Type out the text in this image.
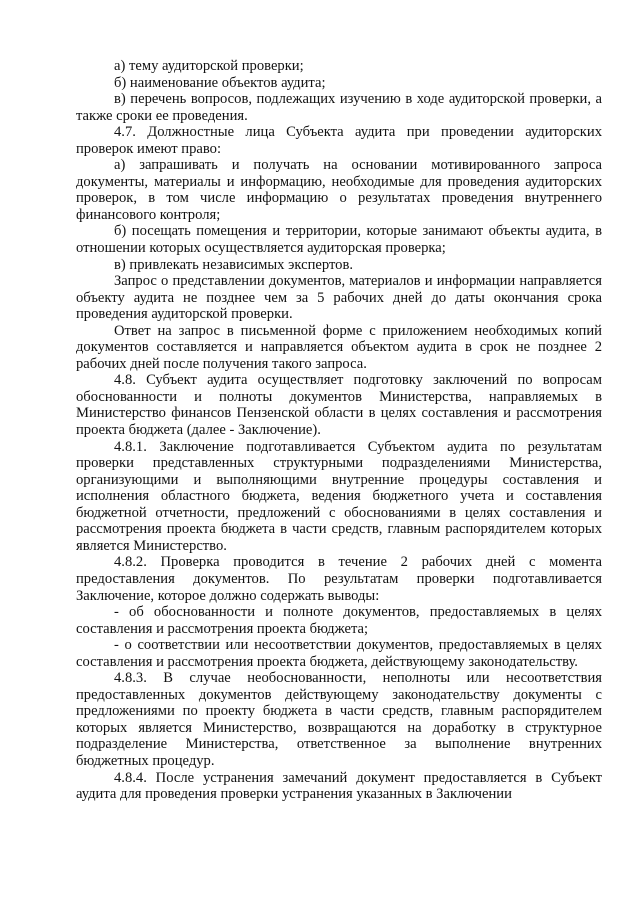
а) тему аудиторской проверки;

б) наименование объектов аудита;

в) перечень вопросов, подлежащих изучению в ходе аудиторской проверки, а также сроки ее проведения.

4.7. Должностные лица Субъекта аудита при проведении аудиторских проверок имеют право:

а) запрашивать и получать на основании мотивированного запроса документы, материалы и информацию, необходимые для проведения аудиторских проверок, в том числе информацию о результатах проведения внутреннего финансового контроля;

б) посещать помещения и территории, которые занимают объекты аудита, в отношении которых осуществляется аудиторская проверка;

в) привлекать независимых экспертов.

Запрос о представлении документов, материалов и информации направляется объекту аудита не позднее чем за 5 рабочих дней до даты окончания срока проведения аудиторской проверки.

Ответ на запрос в письменной форме с приложением необходимых копий документов составляется и направляется объектом аудита в срок не позднее 2 рабочих дней после получения такого запроса.

4.8. Субъект аудита осуществляет подготовку заключений по вопросам обоснованности и полноты документов Министерства, направляемых в Министерство финансов Пензенской области в целях составления и рассмотрения проекта бюджета (далее - Заключение).

4.8.1. Заключение подготавливается Субъектом аудита по результатам проверки представленных структурными подразделениями Министерства, организующими и выполняющими внутренние процедуры составления и исполнения областного бюджета, ведения бюджетного учета и составления бюджетной отчетности, предложений с обоснованиями в целях составления и рассмотрения проекта бюджета в части средств, главным распорядителем которых является Министерство.

4.8.2. Проверка проводится в течение 2 рабочих дней с момента предоставления документов. По результатам проверки подготавливается Заключение, которое должно содержать выводы:

- об обоснованности и полноте документов, предоставляемых в целях составления и рассмотрения проекта бюджета;

- о соответствии или несоответствии документов, предоставляемых в целях составления и рассмотрения проекта бюджета, действующему законодательству.

4.8.3. В случае необоснованности, неполноты или несоответствия предоставленных документов действующему законодательству документы с предложениями по проекту бюджета в части средств, главным распорядителем которых является Министерство, возвращаются на доработку в структурное подразделение Министерства, ответственное за выполнение внутренних бюджетных процедур.

4.8.4. После устранения замечаний документ предоставляется в Субъект аудита для проведения проверки устранения указанных в Заключении
